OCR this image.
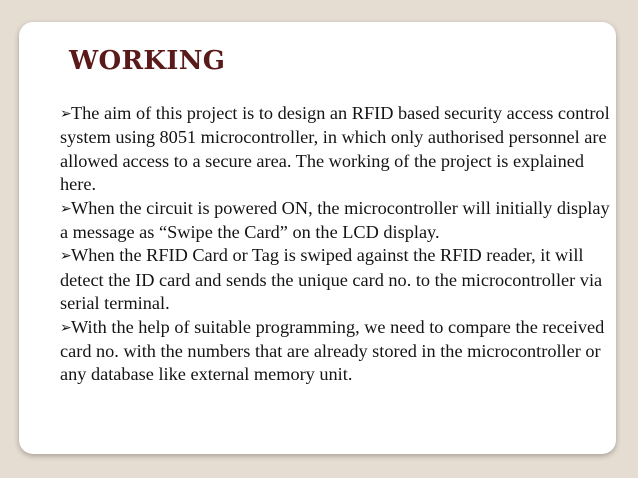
WORKING
➢The aim of this project is to design an RFID based security access control system using 8051 microcontroller, in which only authorised personnel are allowed access to a secure area. The working of the project is explained here.
➢When the circuit is powered ON, the microcontroller will initially display a message as “Swipe the Card” on the LCD display.
➢When the RFID Card or Tag is swiped against the RFID reader, it will detect the ID card and sends the unique card no. to the microcontroller via serial terminal.
➢With the help of suitable programming, we need to compare the received card no. with the numbers that are already stored in the microcontroller or any database like external memory unit.
